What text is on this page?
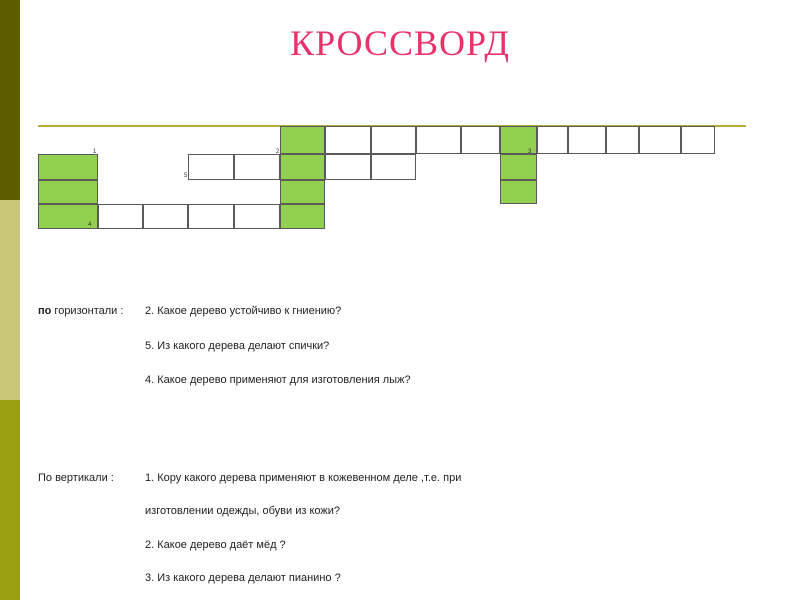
КРОССВОРД
1	2	3
5
4
по горизонтали : 2. Какое дерево устойчиво к гниению?
5. Из какого дерева делают спички?
4. Какое дерево применяют для изготовления лыж?
По вертикали :	1. Кору какого дерева применяют в кожевенном деле ,т.е. при
изготовлении одежды, обуви из кожи?
2. Какое дерево даёт мёд ?
3. Из какого дерева делают пианино ?
